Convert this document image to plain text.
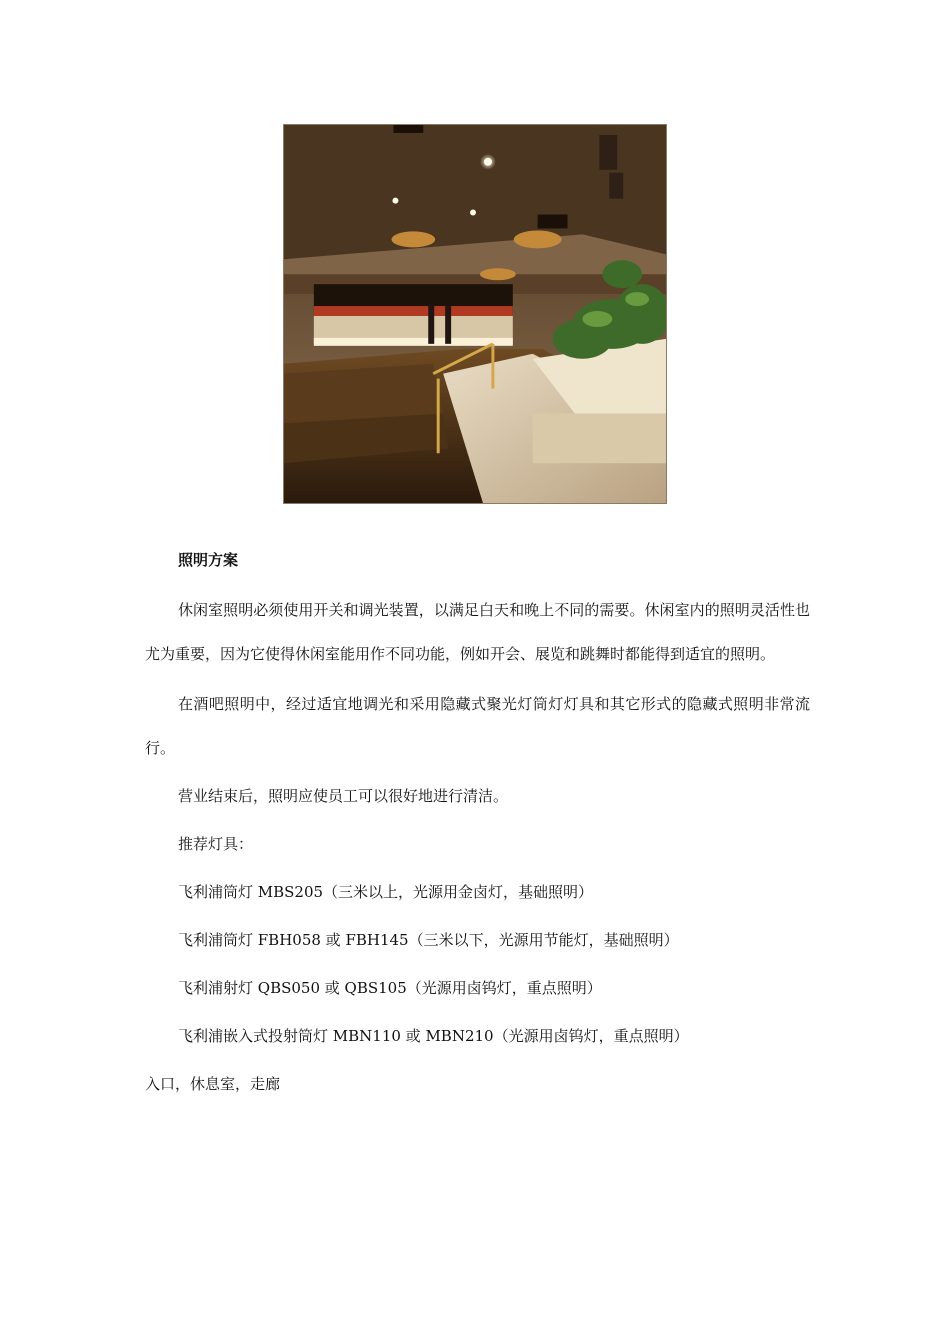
照明方案

休闲室照明必须使用开关和调光装置，以满足白天和晚上不同的需要。休闲室内的照明灵活性也尤为重要，因为它使得休闲室能用作不同功能，例如开会、展览和跳舞时都能得到适宜的照明。

在酒吧照明中，经过适宜地调光和采用隐藏式聚光灯筒灯灯具和其它形式的隐藏式照明非常流行。

营业结束后，照明应使员工可以很好地进行清洁。

推荐灯具：

飞利浦筒灯 MBS205（三米以上，光源用金卤灯，基础照明）

飞利浦筒灯 FBH058 或 FBH145（三米以下，光源用节能灯，基础照明）

飞利浦射灯 QBS050 或 QBS105（光源用卤钨灯，重点照明）

飞利浦嵌入式投射筒灯 MBN110 或 MBN210（光源用卤钨灯，重点照明）

入口，休息室，走廊
